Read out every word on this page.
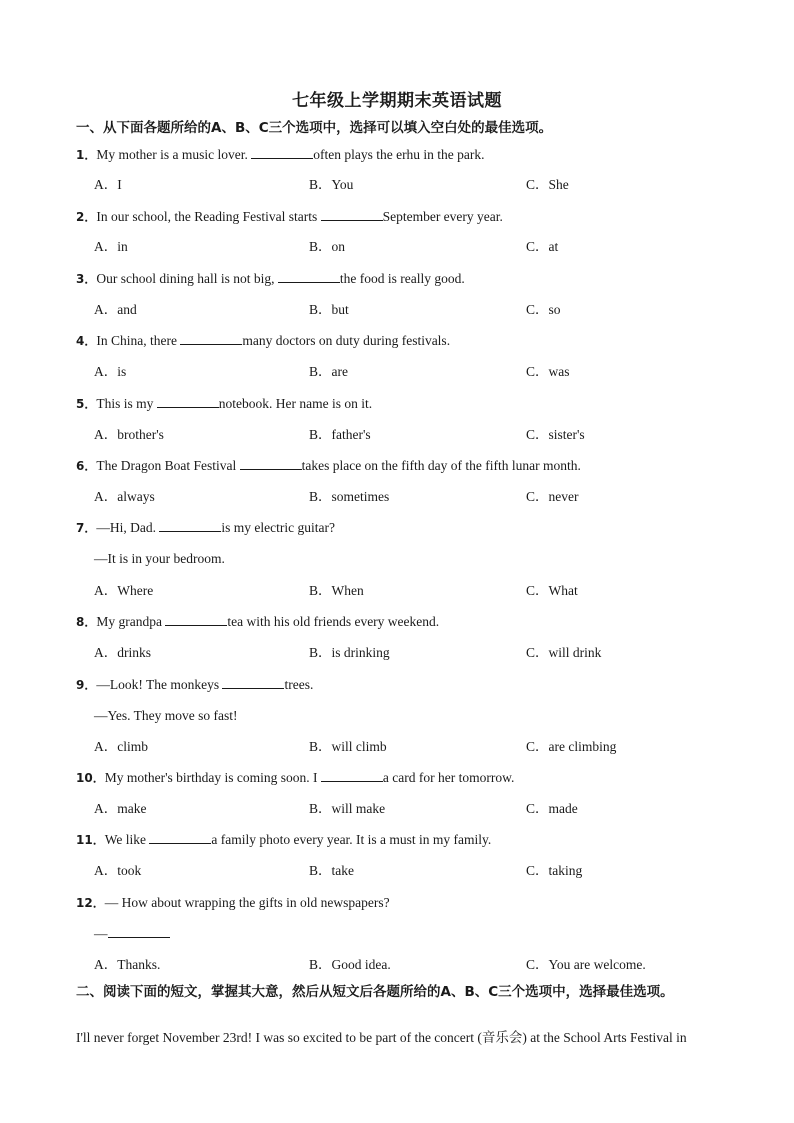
七年级上学期期末英语试题
一、从下面各题所给的A、B、C三个选项中，选择可以填入空白处的最佳选项。
1．My mother is a music lover.	often plays the erhu in the park.
A．I	B．You	C．She
2．In our school, the Reading Festival starts	September every year.
A．in	B．on	C．at
3．Our school dining hall is not big,	the food is really good.
A．and	B．but	C．so
4．In China, there	many doctors on duty during festivals.
A．is	B．are	C．was
5．This is my	notebook. Her name is on it.
A．brother's	B．father's	C．sister's
6．The Dragon Boat Festival	takes place on the fifth day of the fifth lunar month.
A．always	B．sometimes	C．never
7．—Hi, Dad.	is my electric guitar?
—It is in your bedroom.
A．Where	B．When	C．What
8．My grandpa	tea with his old friends every weekend.
A．drinks	B．is drinking	C．will drink
9．—Look! The monkeys	trees.
—Yes. They move so fast!
A．climb	B．will climb	C．are climbing
10．My mother's birthday is coming soon. I	a card for her tomorrow.
A．make	B．will make	C．made
11．We like	a family photo every year. It is a must in my family.
A．took	B．take	C．taking
12．— How about wrapping the gifts in old newspapers?
—
A．Thanks.	B．Good idea.	C．You are welcome.
二、阅读下面的短文，掌握其大意，然后从短文后各题所给的A、B、C三个选项中，选择最佳选项。
I'll never forget November 23rd! I was so excited to be part of the concert (音乐会) at the School Arts Festival in
